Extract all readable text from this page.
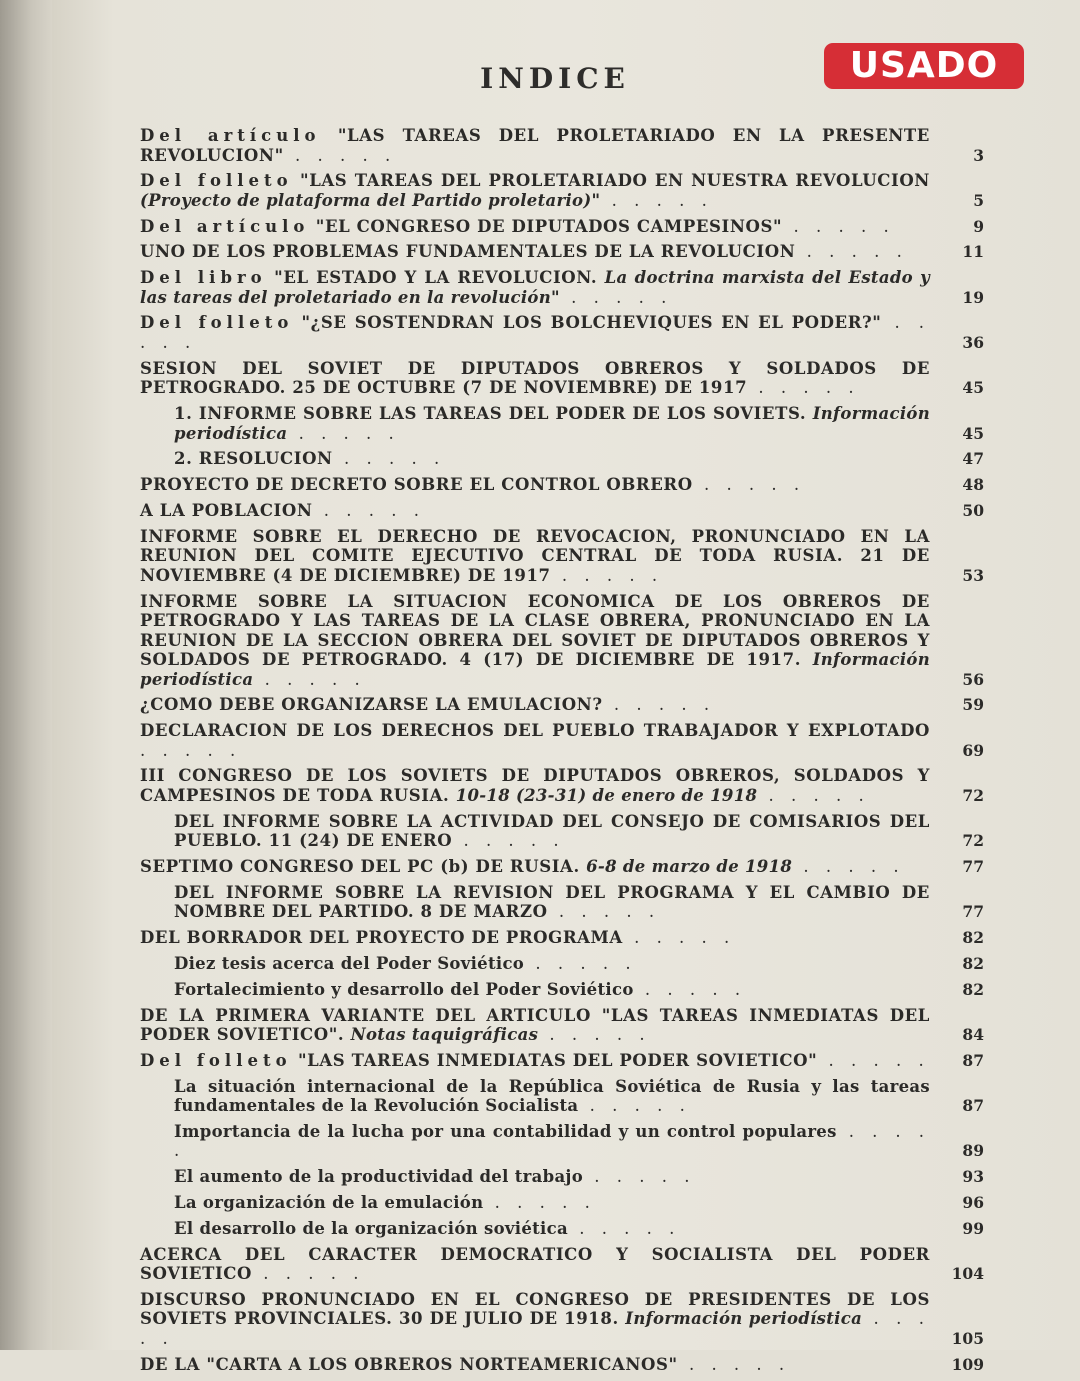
USADO
INDICE
Del artículo "LAS TAREAS DEL PROLETARIADO EN LA PRESENTE REVOLUCION" . . . . .	3
Del folleto "LAS TAREAS DEL PROLETARIADO EN NUESTRA REVOLUCION (Proyecto de plataforma del Partido proletario)" . . . . .	5
Del artículo "EL CONGRESO DE DIPUTADOS CAMPESINOS" . . . . .	9
UNO DE LOS PROBLEMAS FUNDAMENTALES DE LA REVOLUCION . . . . .	11
Del libro "EL ESTADO Y LA REVOLUCION. La doctrina marxista del Estado y las tareas del proletariado en la revolución" . . . . .	19
Del folleto "¿SE SOSTENDRAN LOS BOLCHEVIQUES EN EL PODER?" . . . . .	36
SESION DEL SOVIET DE DIPUTADOS OBREROS Y SOLDADOS DE PETROGRADO. 25 DE OCTUBRE (7 DE NOVIEMBRE) DE 1917 . . . . .	45
1. INFORME SOBRE LAS TAREAS DEL PODER DE LOS SOVIETS. Información periodística . . . . .	45
2. RESOLUCION . . . . .	47
PROYECTO DE DECRETO SOBRE EL CONTROL OBRERO . . . . .	48
A LA POBLACION . . . . .	50
INFORME SOBRE EL DERECHO DE REVOCACION, PRONUNCIADO EN LA REUNION DEL COMITE EJECUTIVO CENTRAL DE TODA RUSIA. 21 DE NOVIEMBRE (4 DE DICIEMBRE) DE 1917 . . . . .	53
INFORME SOBRE LA SITUACION ECONOMICA DE LOS OBREROS DE PETROGRADO Y LAS TAREAS DE LA CLASE OBRERA, PRONUNCIADO EN LA REUNION DE LA SECCION OBRERA DEL SOVIET DE DIPUTADOS OBREROS Y SOLDADOS DE PETROGRADO. 4 (17) DE DICIEMBRE DE 1917. Información periodística . . . . .	56
¿COMO DEBE ORGANIZARSE LA EMULACION? . . . . .	59
DECLARACION DE LOS DERECHOS DEL PUEBLO TRABAJADOR Y EXPLOTADO . . . . .	69
III CONGRESO DE LOS SOVIETS DE DIPUTADOS OBREROS, SOLDADOS Y CAMPESINOS DE TODA RUSIA. 10-18 (23-31) de enero de 1918 . . . . .	72
DEL INFORME SOBRE LA ACTIVIDAD DEL CONSEJO DE COMISARIOS DEL PUEBLO. 11 (24) DE ENERO . . . . .	72
SEPTIMO CONGRESO DEL PC (b) DE RUSIA. 6-8 de marzo de 1918 . . . . .	77
DEL INFORME SOBRE LA REVISION DEL PROGRAMA Y EL CAMBIO DE NOMBRE DEL PARTIDO. 8 DE MARZO . . . . .	77
DEL BORRADOR DEL PROYECTO DE PROGRAMA . . . . .	82
Diez tesis acerca del Poder Soviético . . . . .	82
Fortalecimiento y desarrollo del Poder Soviético . . . . .	82
DE LA PRIMERA VARIANTE DEL ARTICULO "LAS TAREAS INMEDIATAS DEL PODER SOVIETICO". Notas taquigráficas . . . . .	84
Del folleto "LAS TAREAS INMEDIATAS DEL PODER SOVIETICO" . . . . .	87
La situación internacional de la República Soviética de Rusia y las tareas fundamentales de la Revolución Socialista . . . . .	87
Importancia de la lucha por una contabilidad y un control populares . . . . .	89
El aumento de la productividad del trabajo . . . . .	93
La organización de la emulación . . . . .	96
El desarrollo de la organización soviética . . . . .	99
ACERCA DEL CARACTER DEMOCRATICO Y SOCIALISTA DEL PODER SOVIETICO . . . . .	104
DISCURSO PRONUNCIADO EN EL CONGRESO DE PRESIDENTES DE LOS SOVIETS PROVINCIALES. 30 DE JULIO DE 1918. Información periodística . . . . .	105
DE LA "CARTA A LOS OBREROS NORTEAMERICANOS" . . . . .	109
